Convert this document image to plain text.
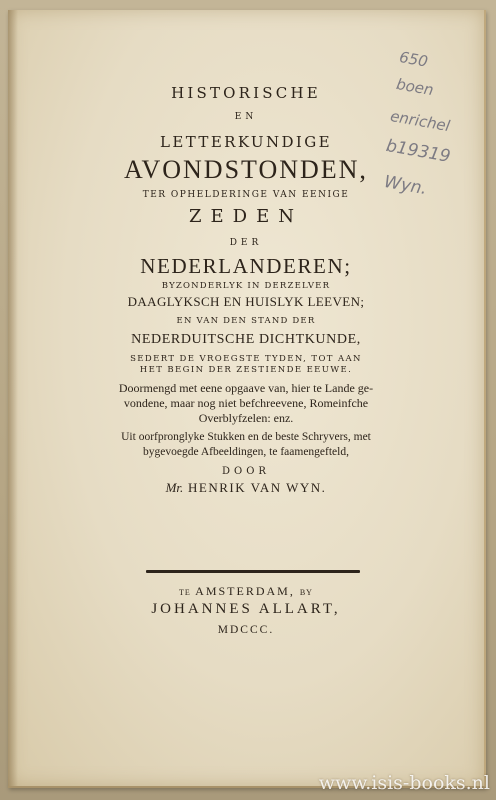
HISTORISCHE
EN
LETTERKUNDIGE
AVONDSTONDEN,
TER OPHELDERINGE VAN EENIGE
ZEDEN
DER
NEDERLANDEREN;
BYZONDERLYK IN DERZELVER
DAAGLYKSCH EN HUISLYK LEEVEN;
EN VAN DEN STAND DER
NEDERDUITSCHE DICHTKUNDE,
SEDERT DE VROEGSTE TYDEN, TOT AAN
HET BEGIN DER ZESTIENDE EEUWE.
Doormengd met eene opgaave van, hier te Lande ge-
vondene, maar nog niet befchreevene, Romeinfche
Overblyfzelen: enz.
Uit oorfpronglyke Stukken en de beste Schryvers, met
bygevoegde Afbeeldingen, te faamengefteld,
DOOR
Mr. HENRIK VAN WYN.
TE AMSTERDAM, BY
JOHANNES ALLART,
MDCCC.
650
boen
enrichel
b19319
Wyn.
www.isis-books.nl
